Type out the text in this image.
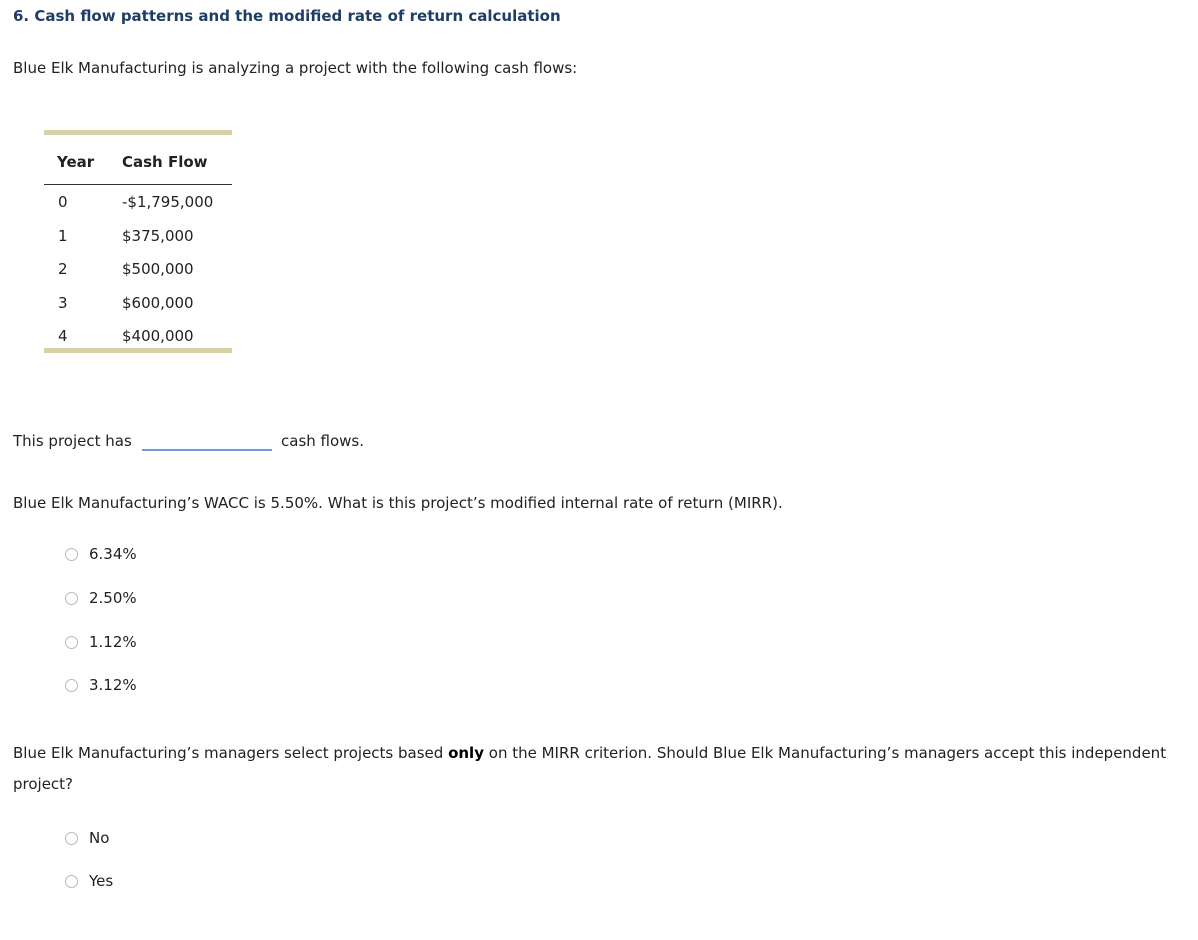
6. Cash flow patterns and the modified rate of return calculation
Blue Elk Manufacturing is analyzing a project with the following cash flows:
Year Cash Flow
0	-$1,795,000
1	$375,000
2	$500,000
3	$600,000
4	$400,000
This project has	cash flows.
Blue Elk Manufacturing’s WACC is 5.50%. What is this project’s modified internal rate of return (MIRR).
6.34%
2.50%
1.12%
3.12%
Blue Elk Manufacturing’s managers select projects based only on the MIRR criterion. Should Blue Elk Manufacturing’s managers accept this independent project?
No
Yes
